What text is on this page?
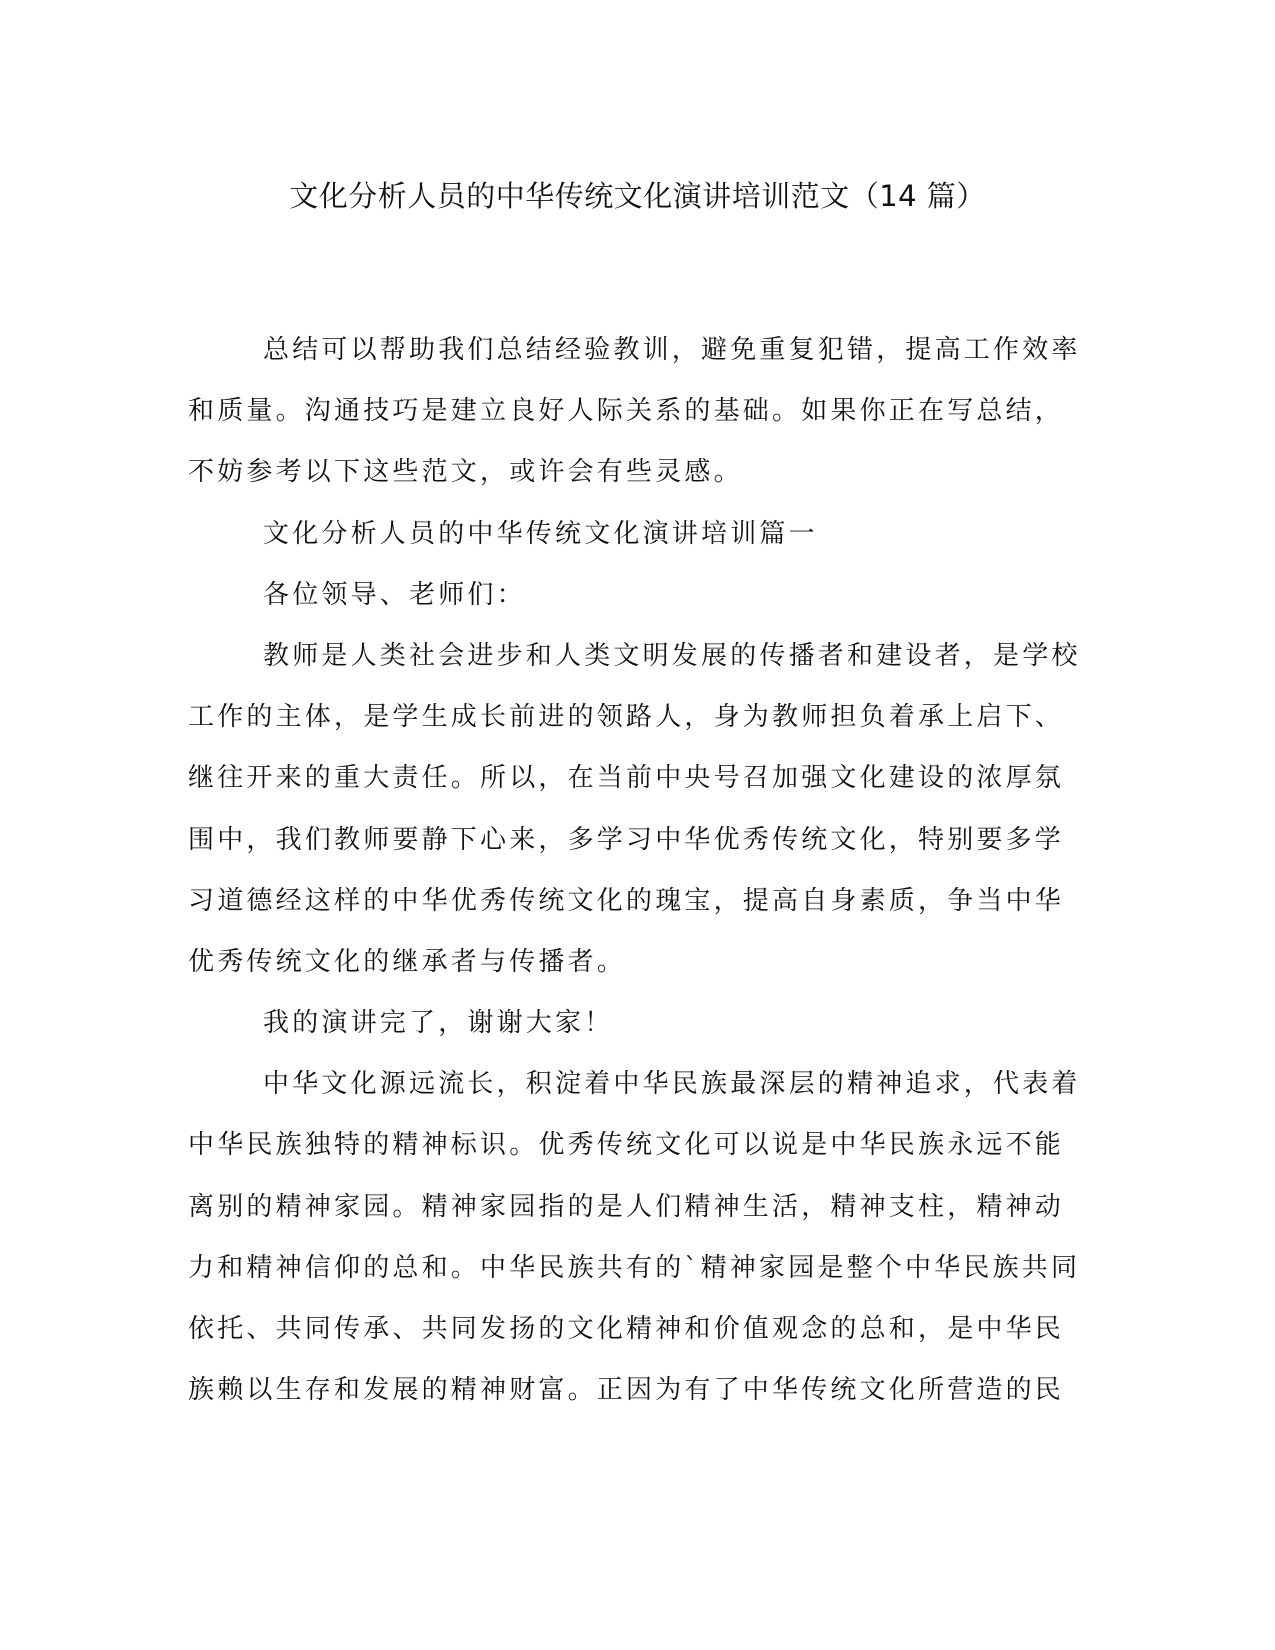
文化分析人员的中华传统文化演讲培训范文（14 篇）
总结可以帮助我们总结经验教训，避免重复犯错，提高工作效率
和质量。沟通技巧是建立良好人际关系的基础。如果你正在写总结，
不妨参考以下这些范文，或许会有些灵感。
文化分析人员的中华传统文化演讲培训篇一
各位领导、老师们：
教师是人类社会进步和人类文明发展的传播者和建设者，是学校
工作的主体，是学生成长前进的领路人，身为教师担负着承上启下、
继往开来的重大责任。所以，在当前中央号召加强文化建设的浓厚氛
围中，我们教师要静下心来，多学习中华优秀传统文化，特别要多学
习道德经这样的中华优秀传统文化的瑰宝，提高自身素质，争当中华
优秀传统文化的继承者与传播者。
我的演讲完了，谢谢大家！
中华文化源远流长，积淀着中华民族最深层的精神追求，代表着
中华民族独特的精神标识。优秀传统文化可以说是中华民族永远不能
离别的精神家园。精神家园指的是人们精神生活，精神支柱，精神动
力和精神信仰的总和。中华民族共有的`精神家园是整个中华民族共同
依托、共同传承、共同发扬的文化精神和价值观念的总和，是中华民
族赖以生存和发展的精神财富。正因为有了中华传统文化所营造的民
